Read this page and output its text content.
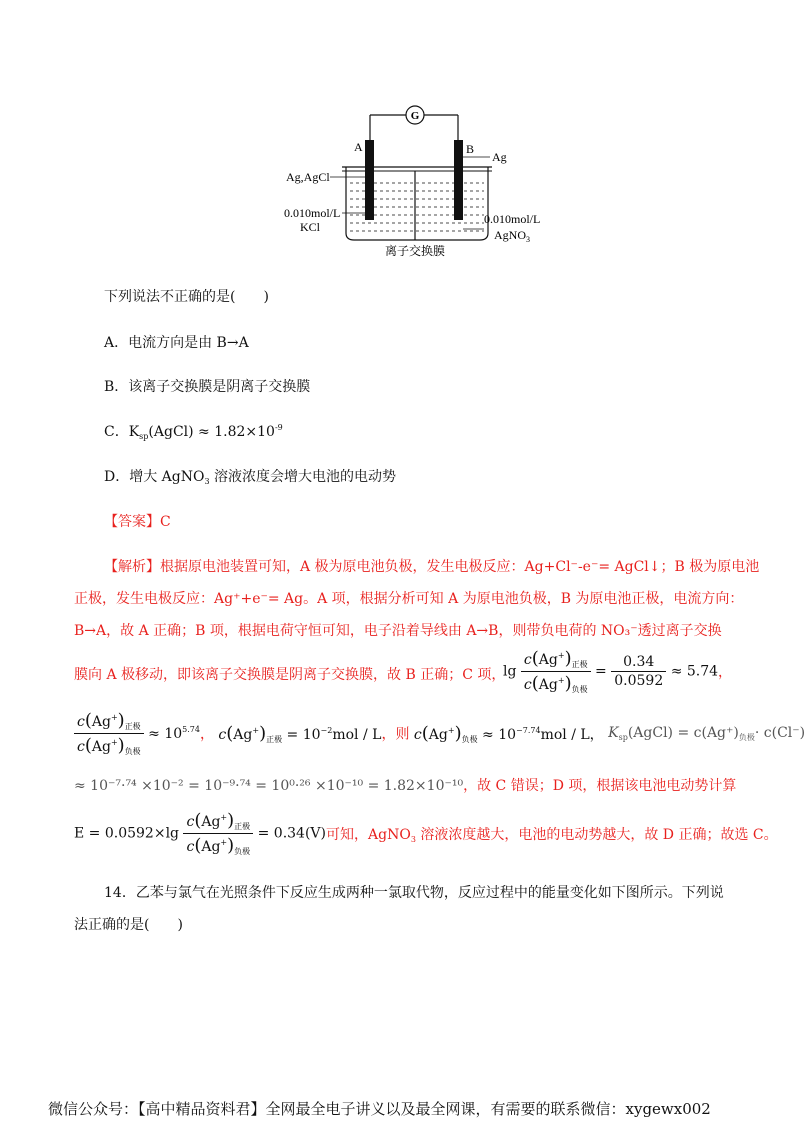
G
A	B
Ag
Ag,AgCl
0.010mol/L
KCl
0.010mol/L
AgNO$_3$
离子交换膜
下列说法不正确的是(　　)
A．电流方向是由 B→A
B．该离子交换膜是阴离子交换膜
C．$K_{sp}(AgCl) \approx 1.82\times 10^{-9}$
D．增大 AgNO$_3$ 溶液浓度会增大电池的电动势
【答案】C
【解析】根据原电池装置可知，A 极为原电池负极，发生电极反应：Ag+Cl⁻-e⁻= AgCl↓；B 极为原电池
正极，发生电极反应：Ag⁺+e⁻= Ag。A 项，根据分析可知 A 为原电池负极，B 为原电池正极，电流方向：
B→A，故 A 正确；B 项，根据电荷守恒可知，电子沿着导线由 A→B，则带负电荷的 NO₃⁻透过离子交换
膜向 A 极移动，即该离子交换膜是阴离子交换膜，故 B 正确；C 项，
$\lg \frac{c(Ag^+)_{正极}}{c(Ag^+)_{负极}} = \frac{0.34}{0.0592} \approx 5.74$，
$\frac{c(Ag^+)_{正极}}{c(Ag^+)_{负极}} \approx 10^{5.74}$， $c(Ag^+)_{正极} = 10^{-2}mol / L$，则 $c(Ag^+)_{负极} \approx 10^{-7.74}mol / L$， $K_{sp}(AgCl) = c(Ag^+)_{负极}\cdot c(Cl^-)$
≈ 10⁻⁷·⁷⁴ ×10⁻² = 10⁻⁹·⁷⁴ = 10⁰·²⁶ ×10⁻¹⁰ = 1.82×10⁻¹⁰，故 C 错误；D 项，根据该电池电动势计算
$E = 0.0592\times\lg \frac{c(Ag^+)_{正极}}{c(Ag^+)_{负极}} = 0.34(V)$可知，AgNO$_3$ 溶液浓度越大，电池的电动势越大，故 D 正确；故选 C。
14．乙苯与氯气在光照条件下反应生成两种一氯取代物，反应过程中的能量变化如下图所示。下列说
法正确的是(　　)
微信公众号：【高中精品资料君】全网最全电子讲义以及最全网课，有需要的联系微信：xygewx002
